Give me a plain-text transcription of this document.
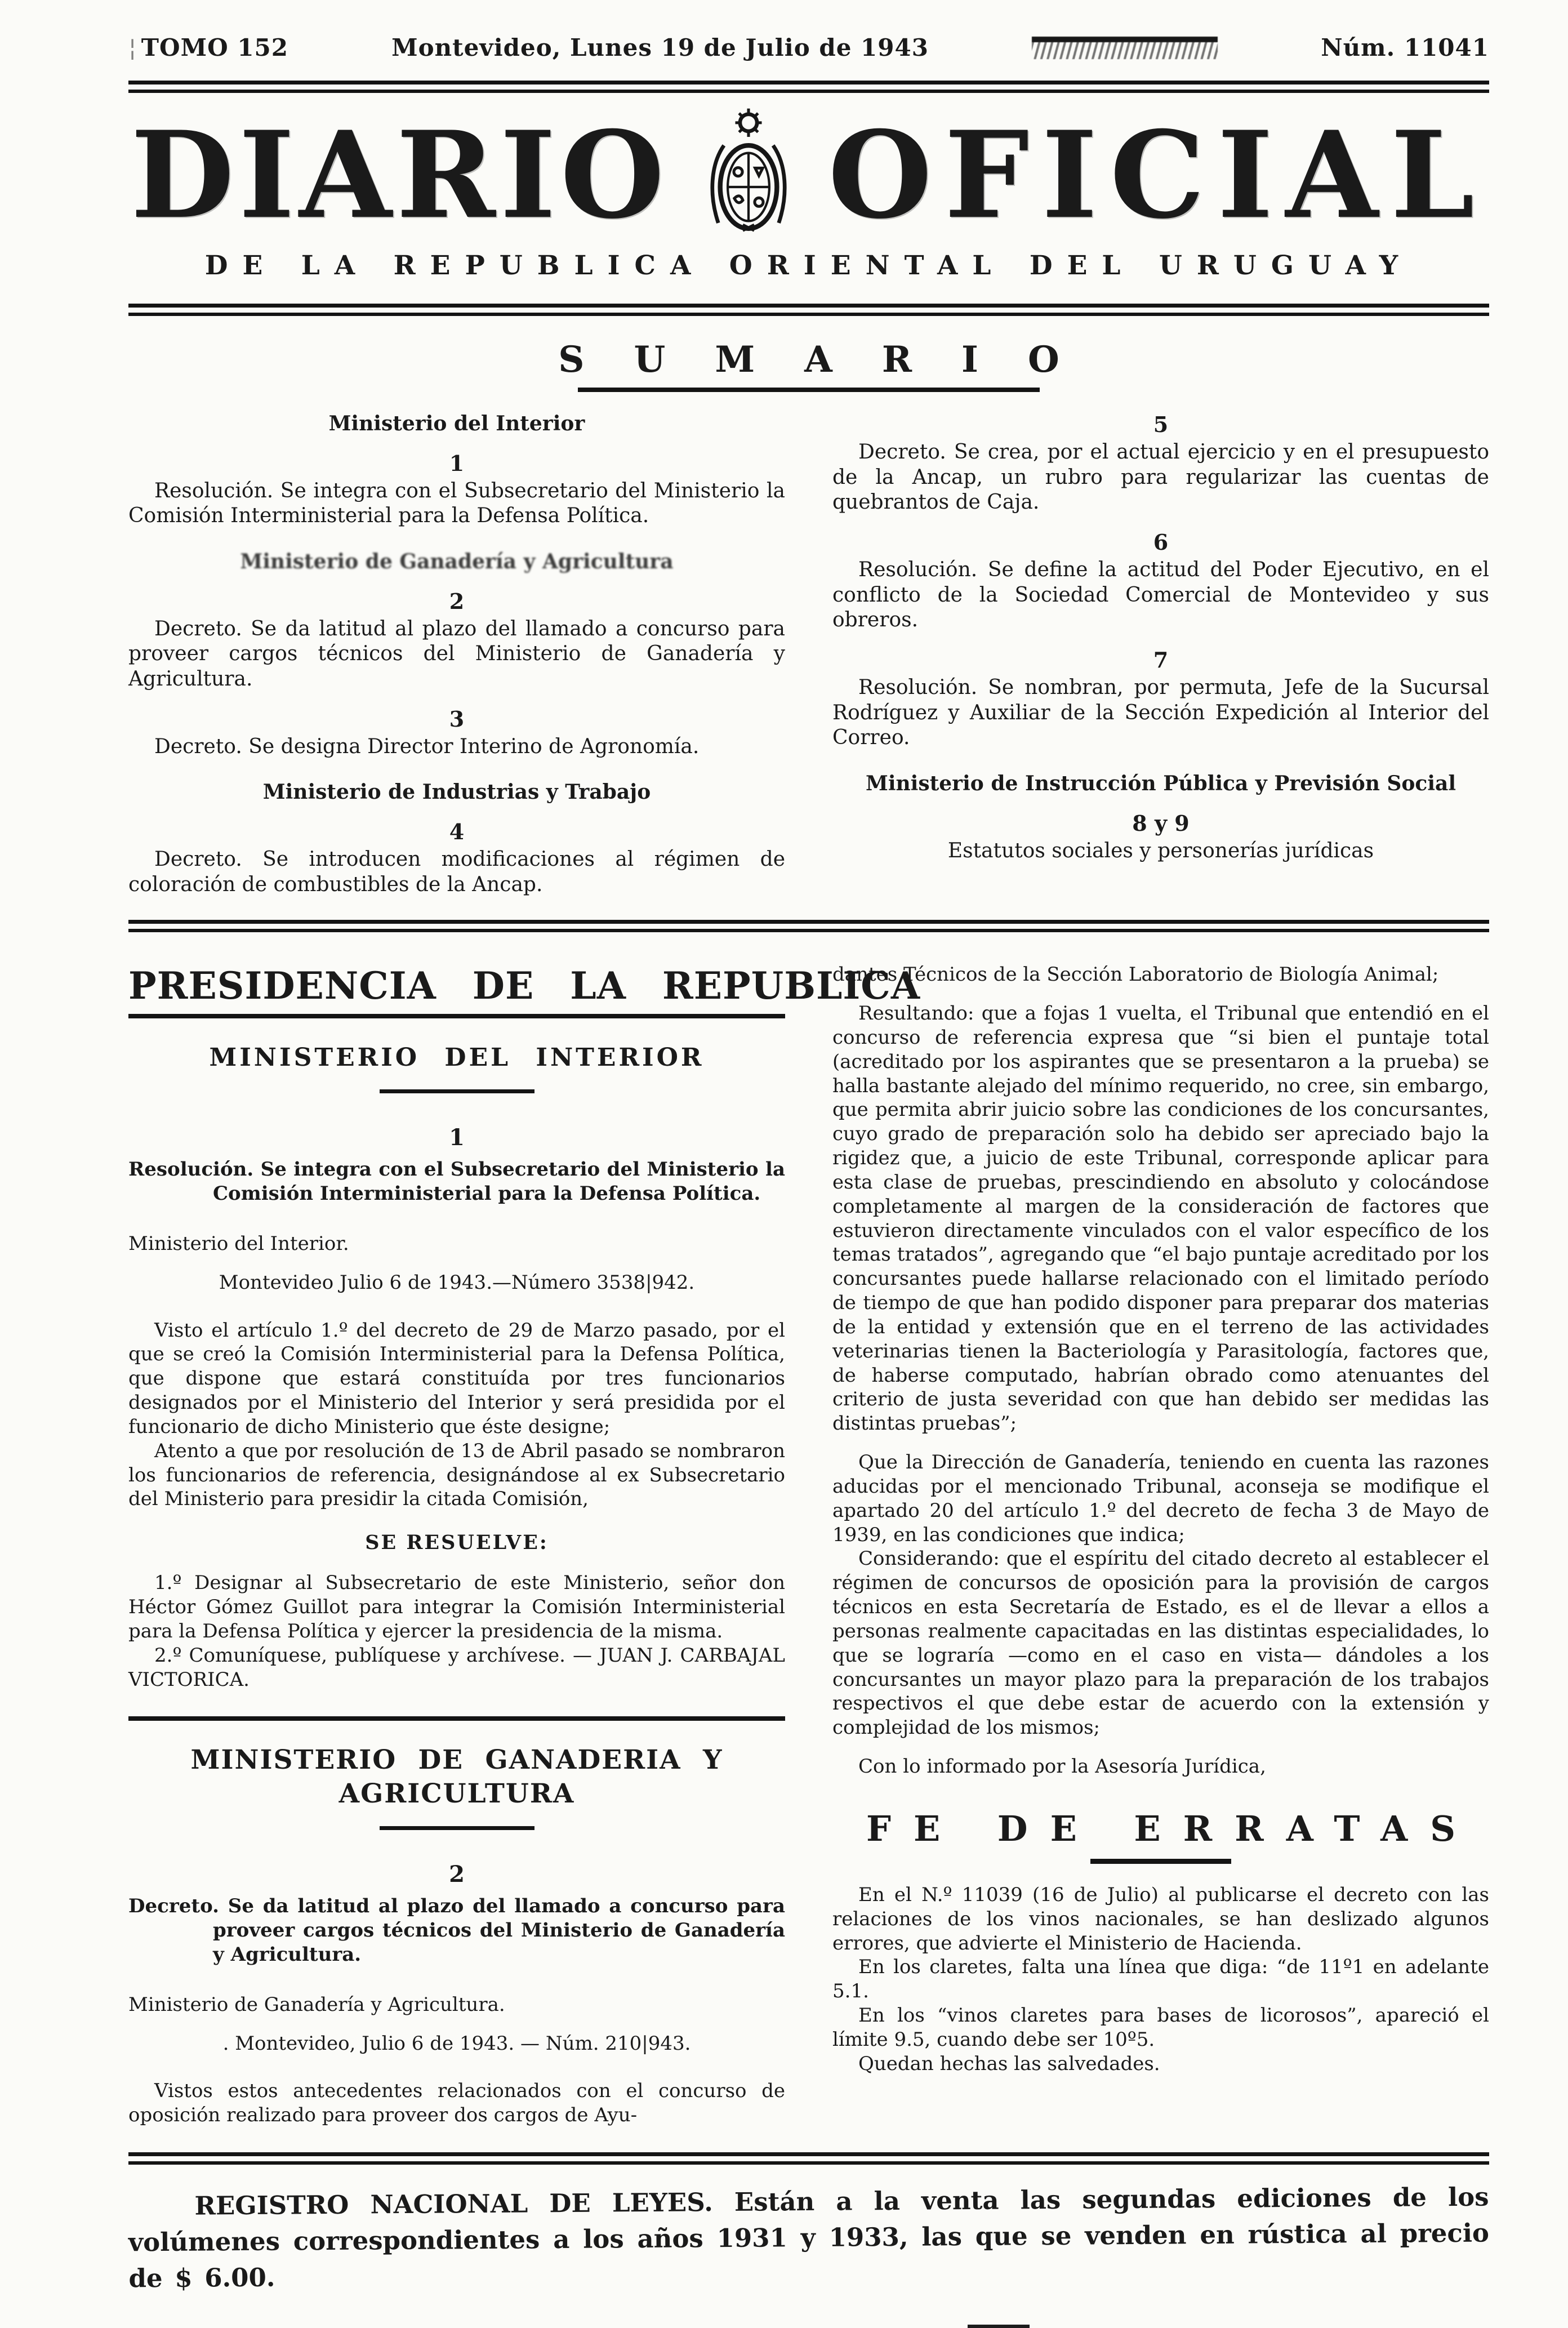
¦ TOMO 152	Montevideo, Lunes 19 de Julio de 1943	Núm. 11041
DIARIO OFICIAL
DE LA REPUBLICA ORIENTAL DEL URUGUAY
SUMARIO
Ministerio del Interior
1

Resolución. Se integra con el Subsecretario del Ministerio la Comisión Interministerial para la Defensa Política.

Ministerio de Ganadería y Agricultura
2

Decreto. Se da latitud al plazo del llamado a concurso para proveer cargos técnicos del Ministerio de Ganadería y Agricultura.

3

Decreto. Se designa Director Interino de Agronomía.

Ministerio de Industrias y Trabajo
4

Decreto. Se introducen modificaciones al régimen de coloración de combustibles de la Ancap.

5

Decreto. Se crea, por el actual ejercicio y en el presupuesto de la Ancap, un rubro para regularizar las cuentas de quebrantos de Caja.

6

Resolución. Se define la actitud del Poder Ejecutivo, en el conflicto de la Sociedad Comercial de Montevideo y sus obreros.

7

Resolución. Se nombran, por permuta, Jefe de la Sucursal Rodríguez y Auxiliar de la Sección Expedición al Interior del Correo.

Ministerio de Instrucción Pública y Previsión Social
8 y 9

Estatutos sociales y personerías jurídicas

PRESIDENCIA DE LA REPUBLICA
MINISTERIO DEL INTERIOR
1

Resolución. Se integra con el Subsecretario del Ministerio la Comisión Interministerial para la Defensa Política.

Ministerio del Interior.

Montevideo Julio 6 de 1943.—Número 3538|942.

Visto el artículo 1.º del decreto de 29 de Marzo pasado, por el que se creó la Comisión Interministerial para la Defensa Política, que dispone que estará constituída por tres funcionarios designados por el Ministerio del Interior y será presidida por el funcionario de dicho Ministerio que éste designe;

Atento a que por resolución de 13 de Abril pasado se nombraron los funcionarios de referencia, designándose al ex Subsecretario del Ministerio para presidir la citada Comisión,

SE RESUELVE:

1.º Designar al Subsecretario de este Ministerio, señor don Héctor Gómez Guillot para integrar la Comisión Interministerial para la Defensa Política y ejercer la presidencia de la misma.

2.º Comuníquese, publíquese y archívese. — JUAN J. CARBAJAL VICTORICA.

MINISTERIO DE GANADERIA Y AGRICULTURA
2

Decreto. Se da latitud al plazo del llamado a concurso para proveer cargos técnicos del Ministerio de Ganadería y Agricultura.

Ministerio de Ganadería y Agricultura.

. Montevideo, Julio 6 de 1943. — Núm. 210|943.

Vistos estos antecedentes relacionados con el concurso de oposición realizado para proveer dos cargos de Ayu-

dantes Técnicos de la Sección Laboratorio de Biología Animal;

Resultando: que a fojas 1 vuelta, el Tribunal que entendió en el concurso de referencia expresa que “si bien el puntaje total (acreditado por los aspirantes que se presentaron a la prueba) se halla bastante alejado del mínimo requerido, no cree, sin embargo, que permita abrir juicio sobre las condiciones de los concursantes, cuyo grado de preparación solo ha debido ser apreciado bajo la rigidez que, a juicio de este Tribunal, corresponde aplicar para esta clase de pruebas, prescindiendo en absoluto y colocándose completamente al margen de la consideración de factores que estuvieron directamente vinculados con el valor específico de los temas tratados”, agregando que “el bajo puntaje acreditado por los concursantes puede hallarse relacionado con el limitado período de tiempo de que han podido disponer para preparar dos materias de la entidad y extensión que en el terreno de las actividades veterinarias tienen la Bacteriología y Parasitología, factores que, de haberse computado, habrían obrado como atenuantes del criterio de justa severidad con que han debido ser medidas las distintas pruebas”;

Que la Dirección de Ganadería, teniendo en cuenta las razones aducidas por el mencionado Tribunal, aconseja se modifique el apartado 20 del artículo 1.º del decreto de fecha 3 de Mayo de 1939, en las condiciones que indica;

Considerando: que el espíritu del citado decreto al establecer el régimen de concursos de oposición para la provisión de cargos técnicos en esta Secretaría de Estado, es el de llevar a ellos a personas realmente capacitadas en las distintas especialidades, lo que se lograría —como en el caso en vista— dándoles a los concursantes un mayor plazo para la preparación de los trabajos respectivos el que debe estar de acuerdo con la extensión y complejidad de los mismos;

Con lo informado por la Asesoría Jurídica,

FE DE ERRATAS

En el N.º 11039 (16 de Julio) al publicarse el decreto con las relaciones de los vinos nacionales, se han deslizado algunos errores, que advierte el Ministerio de Hacienda.

En los claretes, falta una línea que diga: “de 11º1 en adelante 5.1.

En los “vinos claretes para bases de licorosos”, apareció el límite 9.5, cuando debe ser 10º5.

Quedan hechas las salvedades.

REGISTRO NACIONAL DE LEYES. Están a la venta las segundas ediciones de los volúmenes correspondientes a los años 1931 y 1933, las que se venden en rústica al precio de $ 6.00.
